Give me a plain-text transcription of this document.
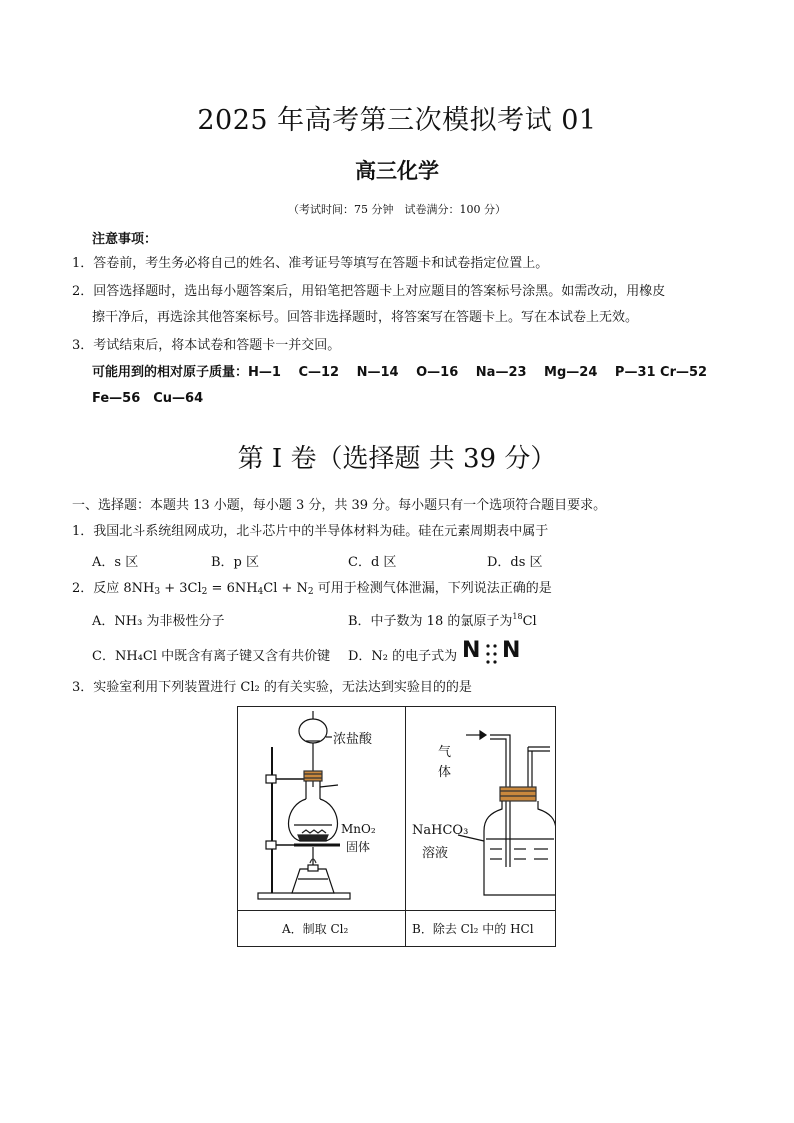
2025 年高考第三次模拟考试 01
高三化学
（考试时间：75 分钟　试卷满分：100 分）
注意事项：
1．答卷前，考生务必将自己的姓名、准考证号等填写在答题卡和试卷指定位置上。
2．回答选择题时，选出每小题答案后，用铅笔把答题卡上对应题目的答案标号涂黑。如需改动，用橡皮
擦干净后，再选涂其他答案标号。回答非选择题时，将答案写在答题卡上。写在本试卷上无效。
3．考试结束后，将本试卷和答题卡一并交回。
可能用到的相对原子质量：H—1　 C—12　 N—14　 O—16　 Na—23　 Mg—24　 P—31 Cr—52
Fe—56　Cu—64
第 I 卷（选择题 共 39 分）
一、选择题：本题共 13 小题，每小题 3 分，共 39 分。每小题只有一个选项符合题目要求。
1．我国北斗系统组网成功，北斗芯片中的半导体材料为硅。硅在元素周期表中属于
A．s 区	B．p 区	C．d 区	D．ds 区
2．反应 $8NH_3 + 3Cl_2 = 6NH_4Cl + N_2$ 可用于检测气体泄漏，下列说法正确的是
A．NH₃ 为非极性分子	B．中子数为 18 的氯原子为$^{18}$Cl
C．NH₄Cl 中既含有离子键又含有共价键 D．N₂ 的电子式为 N N
3．实验室利用下列装置进行 Cl₂ 的有关实验，无法达到实验目的的是
浓盐酸
MnO₂
固体
气
体
NaHCO₃
溶液
A．制取 Cl₂	B．除去 Cl₂ 中的 HCl
